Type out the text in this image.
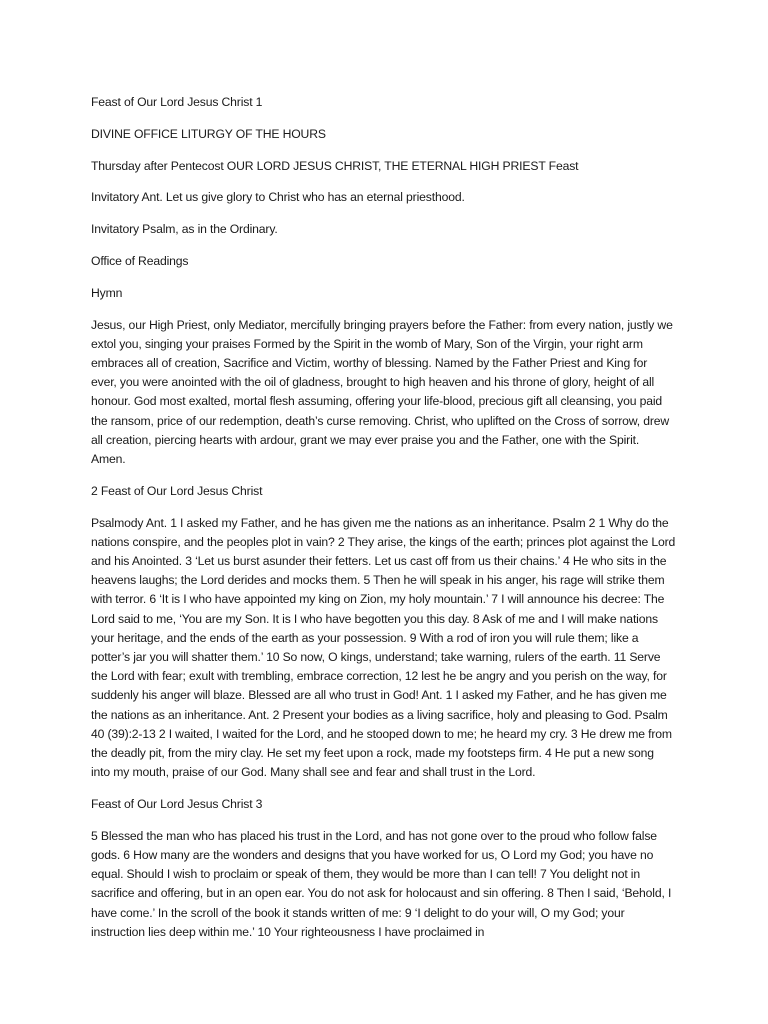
Feast of Our Lord Jesus Christ 1

DIVINE OFFICE LITURGY OF THE HOURS

Thursday after Pentecost OUR LORD JESUS CHRIST, THE ETERNAL HIGH PRIEST Feast

Invitatory Ant. Let us give glory to Christ who has an eternal priesthood.

Invitatory Psalm, as in the Ordinary.

Office of Readings

Hymn

Jesus, our High Priest, only Mediator, mercifully bringing prayers before the Father: from every nation, justly we extol you, singing your praises Formed by the Spirit in the womb of Mary, Son of the Virgin, your right arm embraces all of creation, Sacrifice and Victim, worthy of blessing. Named by the Father Priest and King for ever, you were anointed with the oil of gladness, brought to high heaven and his throne of glory, height of all honour. God most exalted, mortal flesh assuming, offering your life-blood, precious gift all cleansing, you paid the ransom, price of our redemption, death’s curse removing. Christ, who uplifted on the Cross of sorrow, drew all creation, piercing hearts with ardour, grant we may ever praise you and the Father, one with the Spirit. Amen.

2 Feast of Our Lord Jesus Christ

Psalmody Ant. 1 I asked my Father, and he has given me the nations as an inheritance. Psalm 2 1 Why do the nations conspire, and the peoples plot in vain? 2 They arise, the kings of the earth; princes plot against the Lord and his Anointed. 3 ‘Let us burst asunder their fetters. Let us cast off from us their chains.’ 4 He who sits in the heavens laughs; the Lord derides and mocks them. 5 Then he will speak in his anger, his rage will strike them with terror. 6 ‘It is I who have appointed my king on Zion, my holy mountain.’ 7 I will announce his decree: The Lord said to me, ‘You are my Son. It is I who have begotten you this day. 8 Ask of me and I will make nations your heritage, and the ends of the earth as your possession. 9 With a rod of iron you will rule them; like a potter’s jar you will shatter them.’ 10 So now, O kings, understand; take warning, rulers of the earth. 11 Serve the Lord with fear; exult with trembling, embrace correction, 12 lest he be angry and you perish on the way, for suddenly his anger will blaze. Blessed are all who trust in God! Ant. 1 I asked my Father, and he has given me the nations as an inheritance. Ant. 2 Present your bodies as a living sacrifice, holy and pleasing to God. Psalm 40 (39):2-13 2 I waited, I waited for the Lord, and he stooped down to me; he heard my cry. 3 He drew me from the deadly pit, from the miry clay. He set my feet upon a rock, made my footsteps firm. 4 He put a new song into my mouth, praise of our God. Many shall see and fear and shall trust in the Lord.

Feast of Our Lord Jesus Christ 3

5 Blessed the man who has placed his trust in the Lord, and has not gone over to the proud who follow false gods. 6 How many are the wonders and designs that you have worked for us, O Lord my God; you have no equal. Should I wish to proclaim or speak of them, they would be more than I can tell! 7 You delight not in sacrifice and offering, but in an open ear. You do not ask for holocaust and sin offering. 8 Then I said, ‘Behold, I have come.’ In the scroll of the book it stands written of me: 9 ‘I delight to do your will, O my God; your instruction lies deep within me.’ 10 Your righteousness I have proclaimed in
